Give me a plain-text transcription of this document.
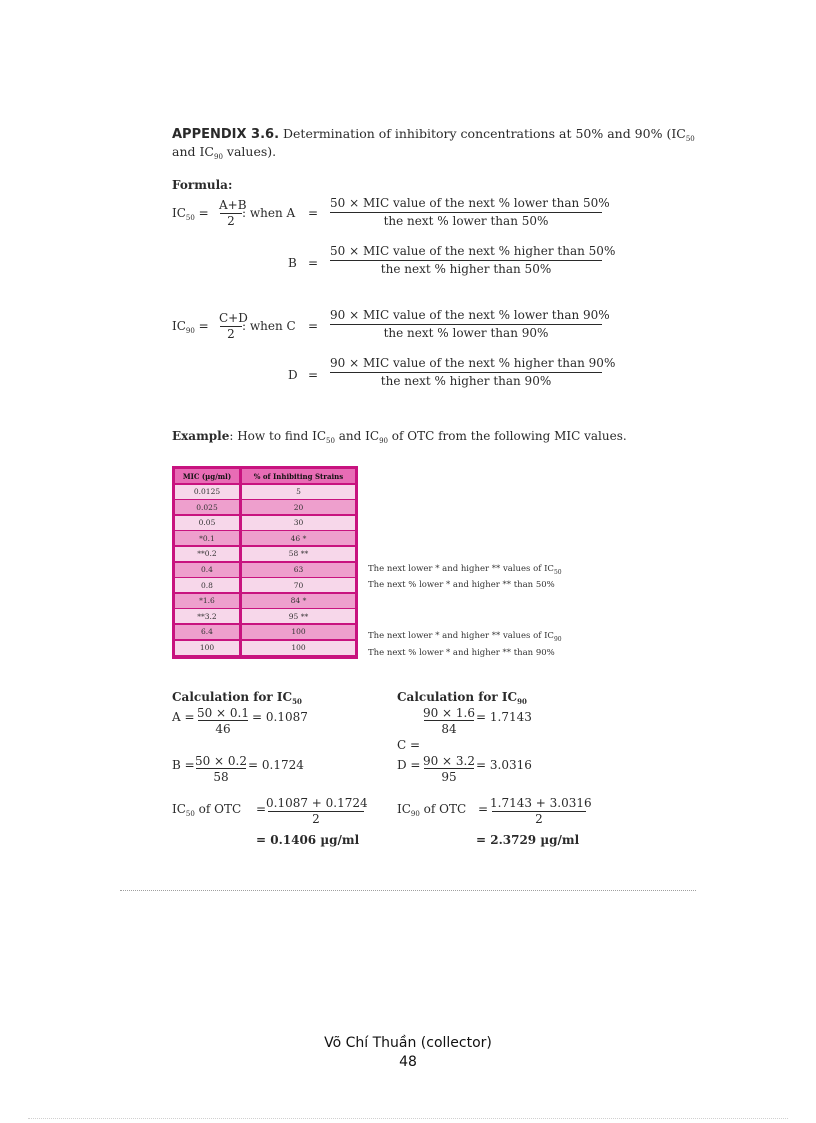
APPENDIX 3.6. Determination of inhibitory concentrations at 50% and 90% ($IC_{50}$
and $IC_{90}$ values).
Formula:
$IC_{50}$ =
A+B
2
: when A =
50 × MIC value of the next % lower than 50%
the next % lower than 50%
B =
50 × MIC value of the next % higher than 50%
the next % higher than 50%
$IC_{90}$ =
C+D
2
: when C =
90 × MIC value of the next % lower than 90%
the next % lower than 90%
D =
90 × MIC value of the next % higher than 90%
the next % higher than 90%
Example: How to find $IC_{50}$ and $IC_{90}$ of OTC from the following MIC values.
MIC (µg/ml)	% of Inhibiting Strains
0.0125	5
0.025	20
0.05	30
*0.1	46 *
**0.2	58 **
0.4	63
0.8	70
*1.6	84 *
**3.2	95 **
6.4	100
100	100
The next lower * and higher ** values of $IC_{50}$
The next % lower * and higher ** than 50%
The next lower * and higher ** values of $IC_{90}$
The next % lower * and higher ** than 90%
Calculation for $IC_{50}$
A = 50 × 0.1
46
= 0.1087
B = 50 × 0.2
58
= 0.1724
$IC_{50}$ of OTC = 0.1087 + 0.1724
2
= 0.1406 µg/ml
Calculation for $IC_{90}$
C =
90 × 1.6
84
= 1.7143
D = 90 × 3.2
95
= 3.0316
$IC_{90}$ of OTC = 1.7143 + 3.0316
2
= 2.3729 µg/ml
Võ Chí Thuần (collector)
48
